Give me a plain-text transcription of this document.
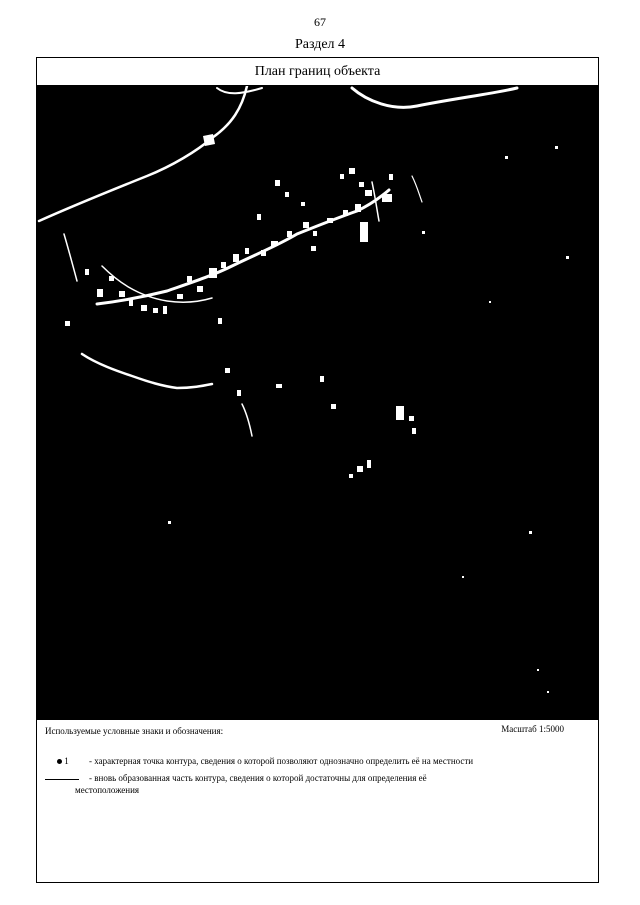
67
Раздел 4
План границ объекта
Используемые условные знаки и обозначения:	Масштаб 1:5000
1 - характерная точка контура, сведения о которой позволяют однозначно определить её на местности
- вновь образованная часть контура, сведения о которой достаточны для определения её
местоположения
